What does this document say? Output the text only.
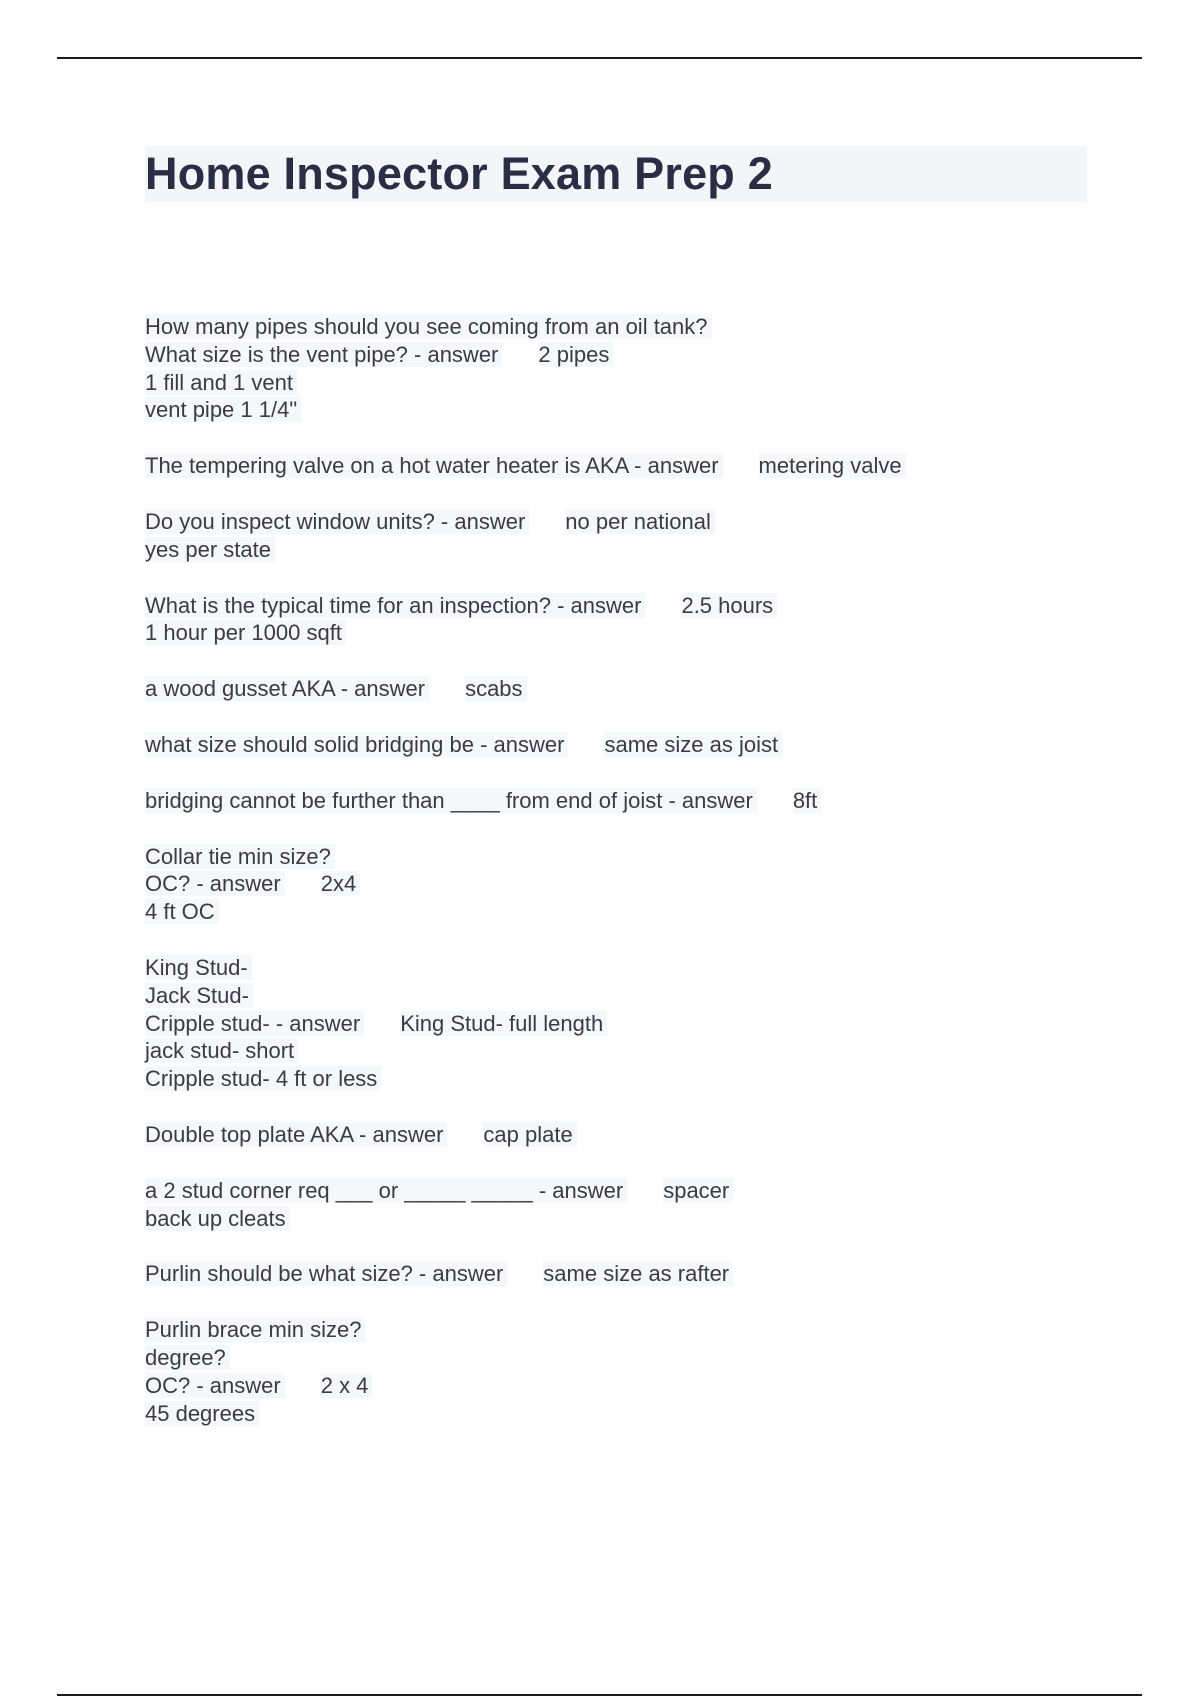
Home Inspector Exam Prep 2
How many pipes should you see coming from an oil tank?
What size is the vent pipe? - answer 2 pipes
1 fill and 1 vent
vent pipe 1 1/4"
The tempering valve on a hot water heater is AKA - answer metering valve
Do you inspect window units? - answer no per national
yes per state
What is the typical time for an inspection? - answer 2.5 hours
1 hour per 1000 sqft
a wood gusset AKA - answer scabs
what size should solid bridging be - answer same size as joist
bridging cannot be further than ____ from end of joist - answer 8ft
Collar tie min size?
OC? - answer 2x4
4 ft OC
King Stud-
Jack Stud-
Cripple stud- - answer King Stud- full length
jack stud- short
Cripple stud- 4 ft or less
Double top plate AKA - answer cap plate
a 2 stud corner req ___ or _____ _____ - answer spacer
back up cleats
Purlin should be what size? - answer same size as rafter
Purlin brace min size?
degree?
OC? - answer 2 x 4
45 degrees
